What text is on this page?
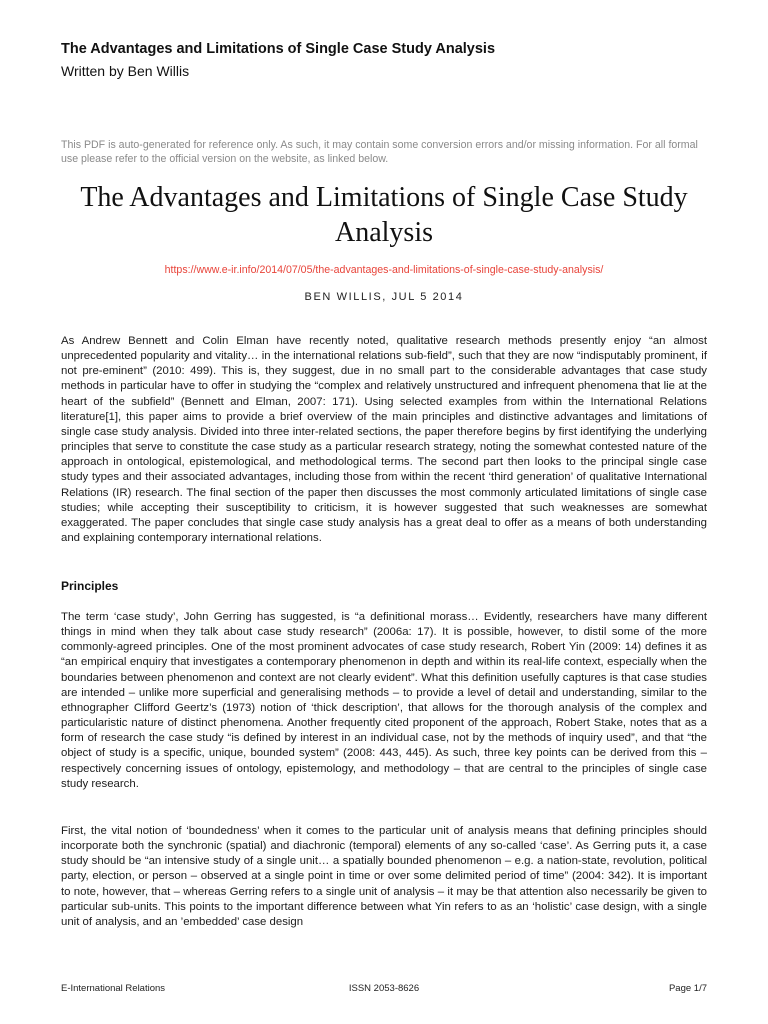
The Advantages and Limitations of Single Case Study Analysis
Written by Ben Willis
This PDF is auto-generated for reference only. As such, it may contain some conversion errors and/or missing information. For all formal use please refer to the official version on the website, as linked below.
The Advantages and Limitations of Single Case Study Analysis
https://www.e-ir.info/2014/07/05/the-advantages-and-limitations-of-single-case-study-analysis/
BEN WILLIS, JUL 5 2014

As Andrew Bennett and Colin Elman have recently noted, qualitative research methods presently enjoy “an almost unprecedented popularity and vitality… in the international relations sub-field”, such that they are now “indisputably prominent, if not pre-eminent” (2010: 499). This is, they suggest, due in no small part to the considerable advantages that case study methods in particular have to offer in studying the “complex and relatively unstructured and infrequent phenomena that lie at the heart of the subfield” (Bennett and Elman, 2007: 171). Using selected examples from within the International Relations literature[1], this paper aims to provide a brief overview of the main principles and distinctive advantages and limitations of single case study analysis. Divided into three inter-related sections, the paper therefore begins by first identifying the underlying principles that serve to constitute the case study as a particular research strategy, noting the somewhat contested nature of the approach in ontological, epistemological, and methodological terms. The second part then looks to the principal single case study types and their associated advantages, including those from within the recent ‘third generation’ of qualitative International Relations (IR) research. The final section of the paper then discusses the most commonly articulated limitations of single case studies; while accepting their susceptibility to criticism, it is however suggested that such weaknesses are somewhat exaggerated. The paper concludes that single case study analysis has a great deal to offer as a means of both understanding and explaining contemporary international relations.

Principles

The term ‘case study’, John Gerring has suggested, is “a definitional morass… Evidently, researchers have many different things in mind when they talk about case study research” (2006a: 17). It is possible, however, to distil some of the more commonly-agreed principles. One of the most prominent advocates of case study research, Robert Yin (2009: 14) defines it as “an empirical enquiry that investigates a contemporary phenomenon in depth and within its real-life context, especially when the boundaries between phenomenon and context are not clearly evident”. What this definition usefully captures is that case studies are intended – unlike more superficial and generalising methods – to provide a level of detail and understanding, similar to the ethnographer Clifford Geertz’s (1973) notion of ‘thick description’, that allows for the thorough analysis of the complex and particularistic nature of distinct phenomena. Another frequently cited proponent of the approach, Robert Stake, notes that as a form of research the case study “is defined by interest in an individual case, not by the methods of inquiry used”, and that “the object of study is a specific, unique, bounded system” (2008: 443, 445). As such, three key points can be derived from this – respectively concerning issues of ontology, epistemology, and methodology – that are central to the principles of single case study research.

First, the vital notion of ‘boundedness’ when it comes to the particular unit of analysis means that defining principles should incorporate both the synchronic (spatial) and diachronic (temporal) elements of any so-called ‘case’. As Gerring puts it, a case study should be “an intensive study of a single unit… a spatially bounded phenomenon – e.g. a nation-state, revolution, political party, election, or person – observed at a single point in time or over some delimited period of time” (2004: 342). It is important to note, however, that – whereas Gerring refers to a single unit of analysis – it may be that attention also necessarily be given to particular sub-units. This points to the important difference between what Yin refers to as an ‘holistic’ case design, with a single unit of analysis, and an ’embedded’ case design

E-International Relations	ISSN 2053-8626	Page 1/7
